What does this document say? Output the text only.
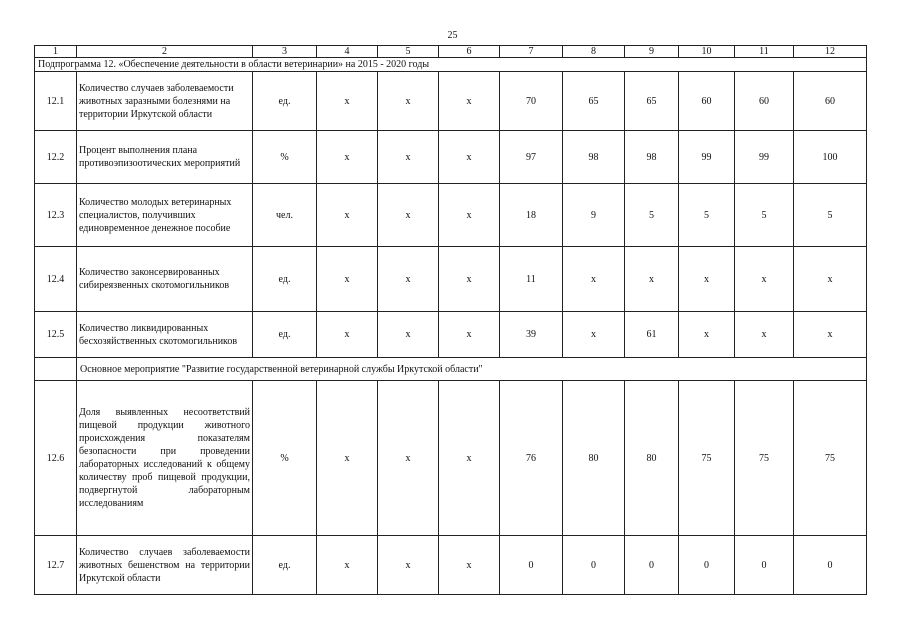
25
1	2	3	4	5	6	7	8	9	10	11	12
Подпрограмма 12. «Обеспечение деятельности в области ветеринарии» на 2015 - 2020 годы											
12.1	Количество случаев заболеваемости животных заразными болезнями на территории Иркутской области	ед.	x	x	x	70	65	65	60	60	60
12.2	Процент выполнения плана противоэпизоотических мероприятий	%	x	x	x	97	98	98	99	99	100
12.3	Количество молодых ветеринарных специалистов, получивших единовременное денежное пособие	чел.	x	x	x	18	9	5	5	5	5
12.4	Количество законсервированных сибиреязвенных скотомогильников	ед.	x	x	x	11	x	x	x	x	x
12.5	Количество ликвидированных бесхозяйственных скотомогильников	ед.	x	x	x	39	x	61	x	x	x
	Основное мероприятие "Развитие государственной ветеринарной службы Иркутской области"										
12.6	Доля выявленных несоответствий пищевой продукции животного происхождения показателям безопасности при проведении лабораторных исследований к общему количеству проб пищевой продукции, подвергнутой лабораторным исследованиям	%	x	x	x	76	80	80	75	75	75
12.7	Количество случаев заболеваемости животных бешенством на территории Иркутской области	ед.	x	x	x	0	0	0	0	0	0
